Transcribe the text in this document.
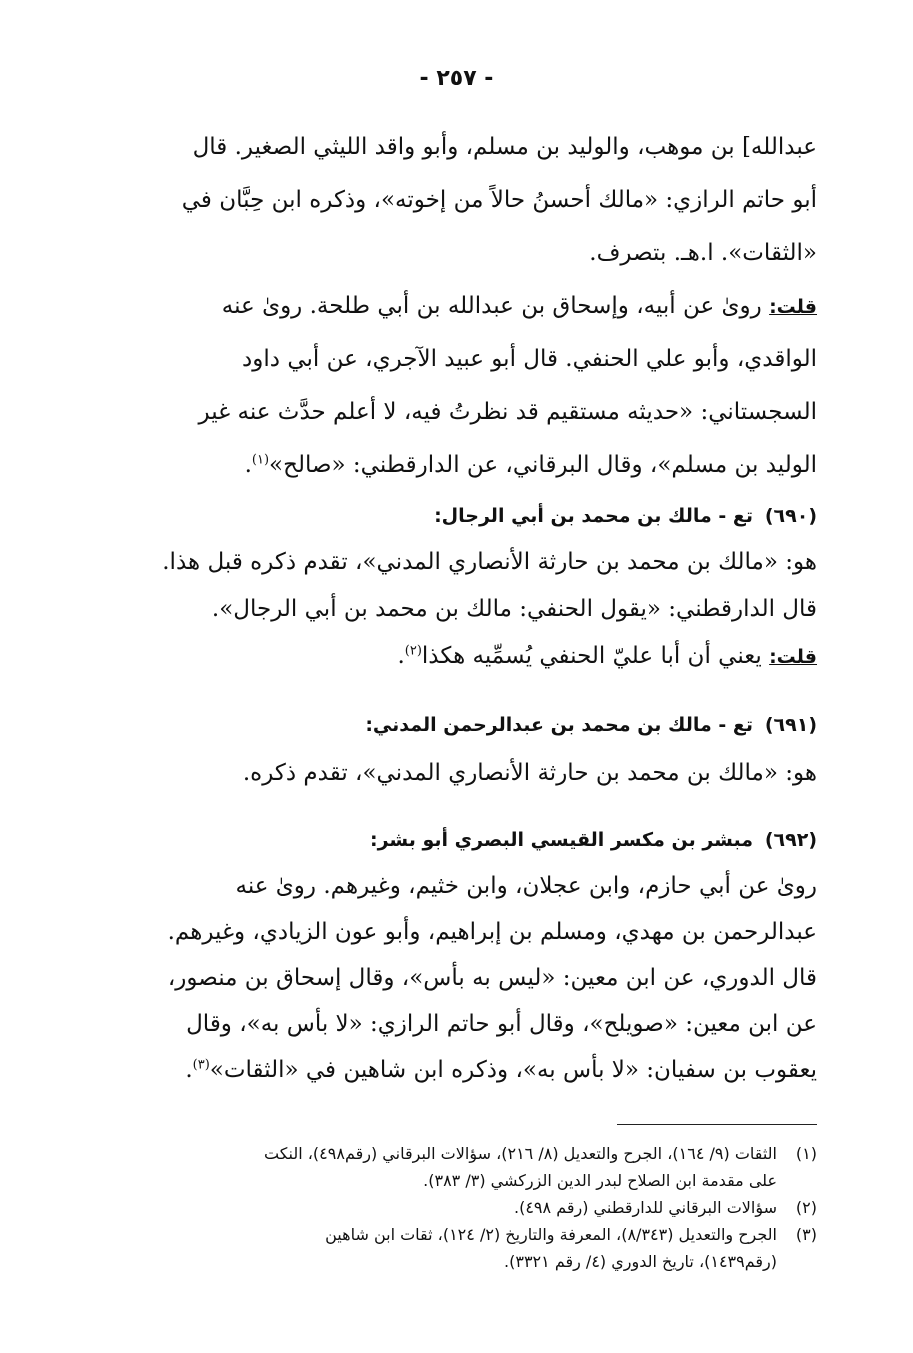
- ٢٥٧ -
عبدالله] بن موهب، والوليد بن مسلم، وأبو واقد الليثي الصغير. قال
أبو حاتم الرازي: «مالك أحسنُ حالاً من إخوته»، وذكره ابن حِبَّان في
«الثقات». ا.هـ. بتصرف.
قلت: روىٰ عن أبيه، وإسحاق بن عبدالله بن أبي طلحة. روىٰ عنه
الواقدي، وأبو علي الحنفي. قال أبو عبيد الآجري، عن أبي داود
السجستاني: «حديثه مستقيم قد نظرتُ فيه، لا أعلم حدَّث عنه غير
الوليد بن مسلم»، وقال البرقاني، عن الدارقطني: «صالح»$^{(١)}$.
(٦٩٠)تع - مالك بن محمد بن أبي الرجال:
هو: «مالك بن محمد بن حارثة الأنصاري المدني»، تقدم ذكره قبل هذا.
قال الدارقطني: «يقول الحنفي: مالك بن محمد بن أبي الرجال».
قلت: يعني أن أبا عليّ الحنفي يُسمِّيه هكذا$^{(٢)}$.
(٦٩١)تع - مالك بن محمد بن عبدالرحمن المدني:
هو: «مالك بن محمد بن حارثة الأنصاري المدني»، تقدم ذكره.
(٦٩٢)مبشر بن مكسر القيسي البصري أبو بشر:
روىٰ عن أبي حازم، وابن عجلان، وابن خثيم، وغيرهم. روىٰ عنه
عبدالرحمن بن مهدي، ومسلم بن إبراهيم، وأبو عون الزيادي، وغيرهم.
قال الدوري، عن ابن معين: «ليس به بأس»، وقال إسحاق بن منصور،
عن ابن معين: «صويلح»، وقال أبو حاتم الرازي: «لا بأس به»، وقال
يعقوب بن سفيان: «لا بأس به»، وذكره ابن شاهين في «الثقات»$^{(٣)}$.
(١)الثقات (٩/ ١٦٤)، الجرح والتعديل (٨/ ٢١٦)، سؤالات البرقاني (رقم٤٩٨)، النكت
على مقدمة ابن الصلاح لبدر الدين الزركشي (٣/ ٣٨٣).
(٢)سؤالات البرقاني للدارقطني (رقم ٤٩٨).
(٣)الجرح والتعديل (٨/٣٤٣)، المعرفة والتاريخ (٢/ ١٢٤)، ثقات ابن شاهين
(رقم١٤٣٩)، تاريخ الدوري (٤/ رقم ٣٣٢١).
